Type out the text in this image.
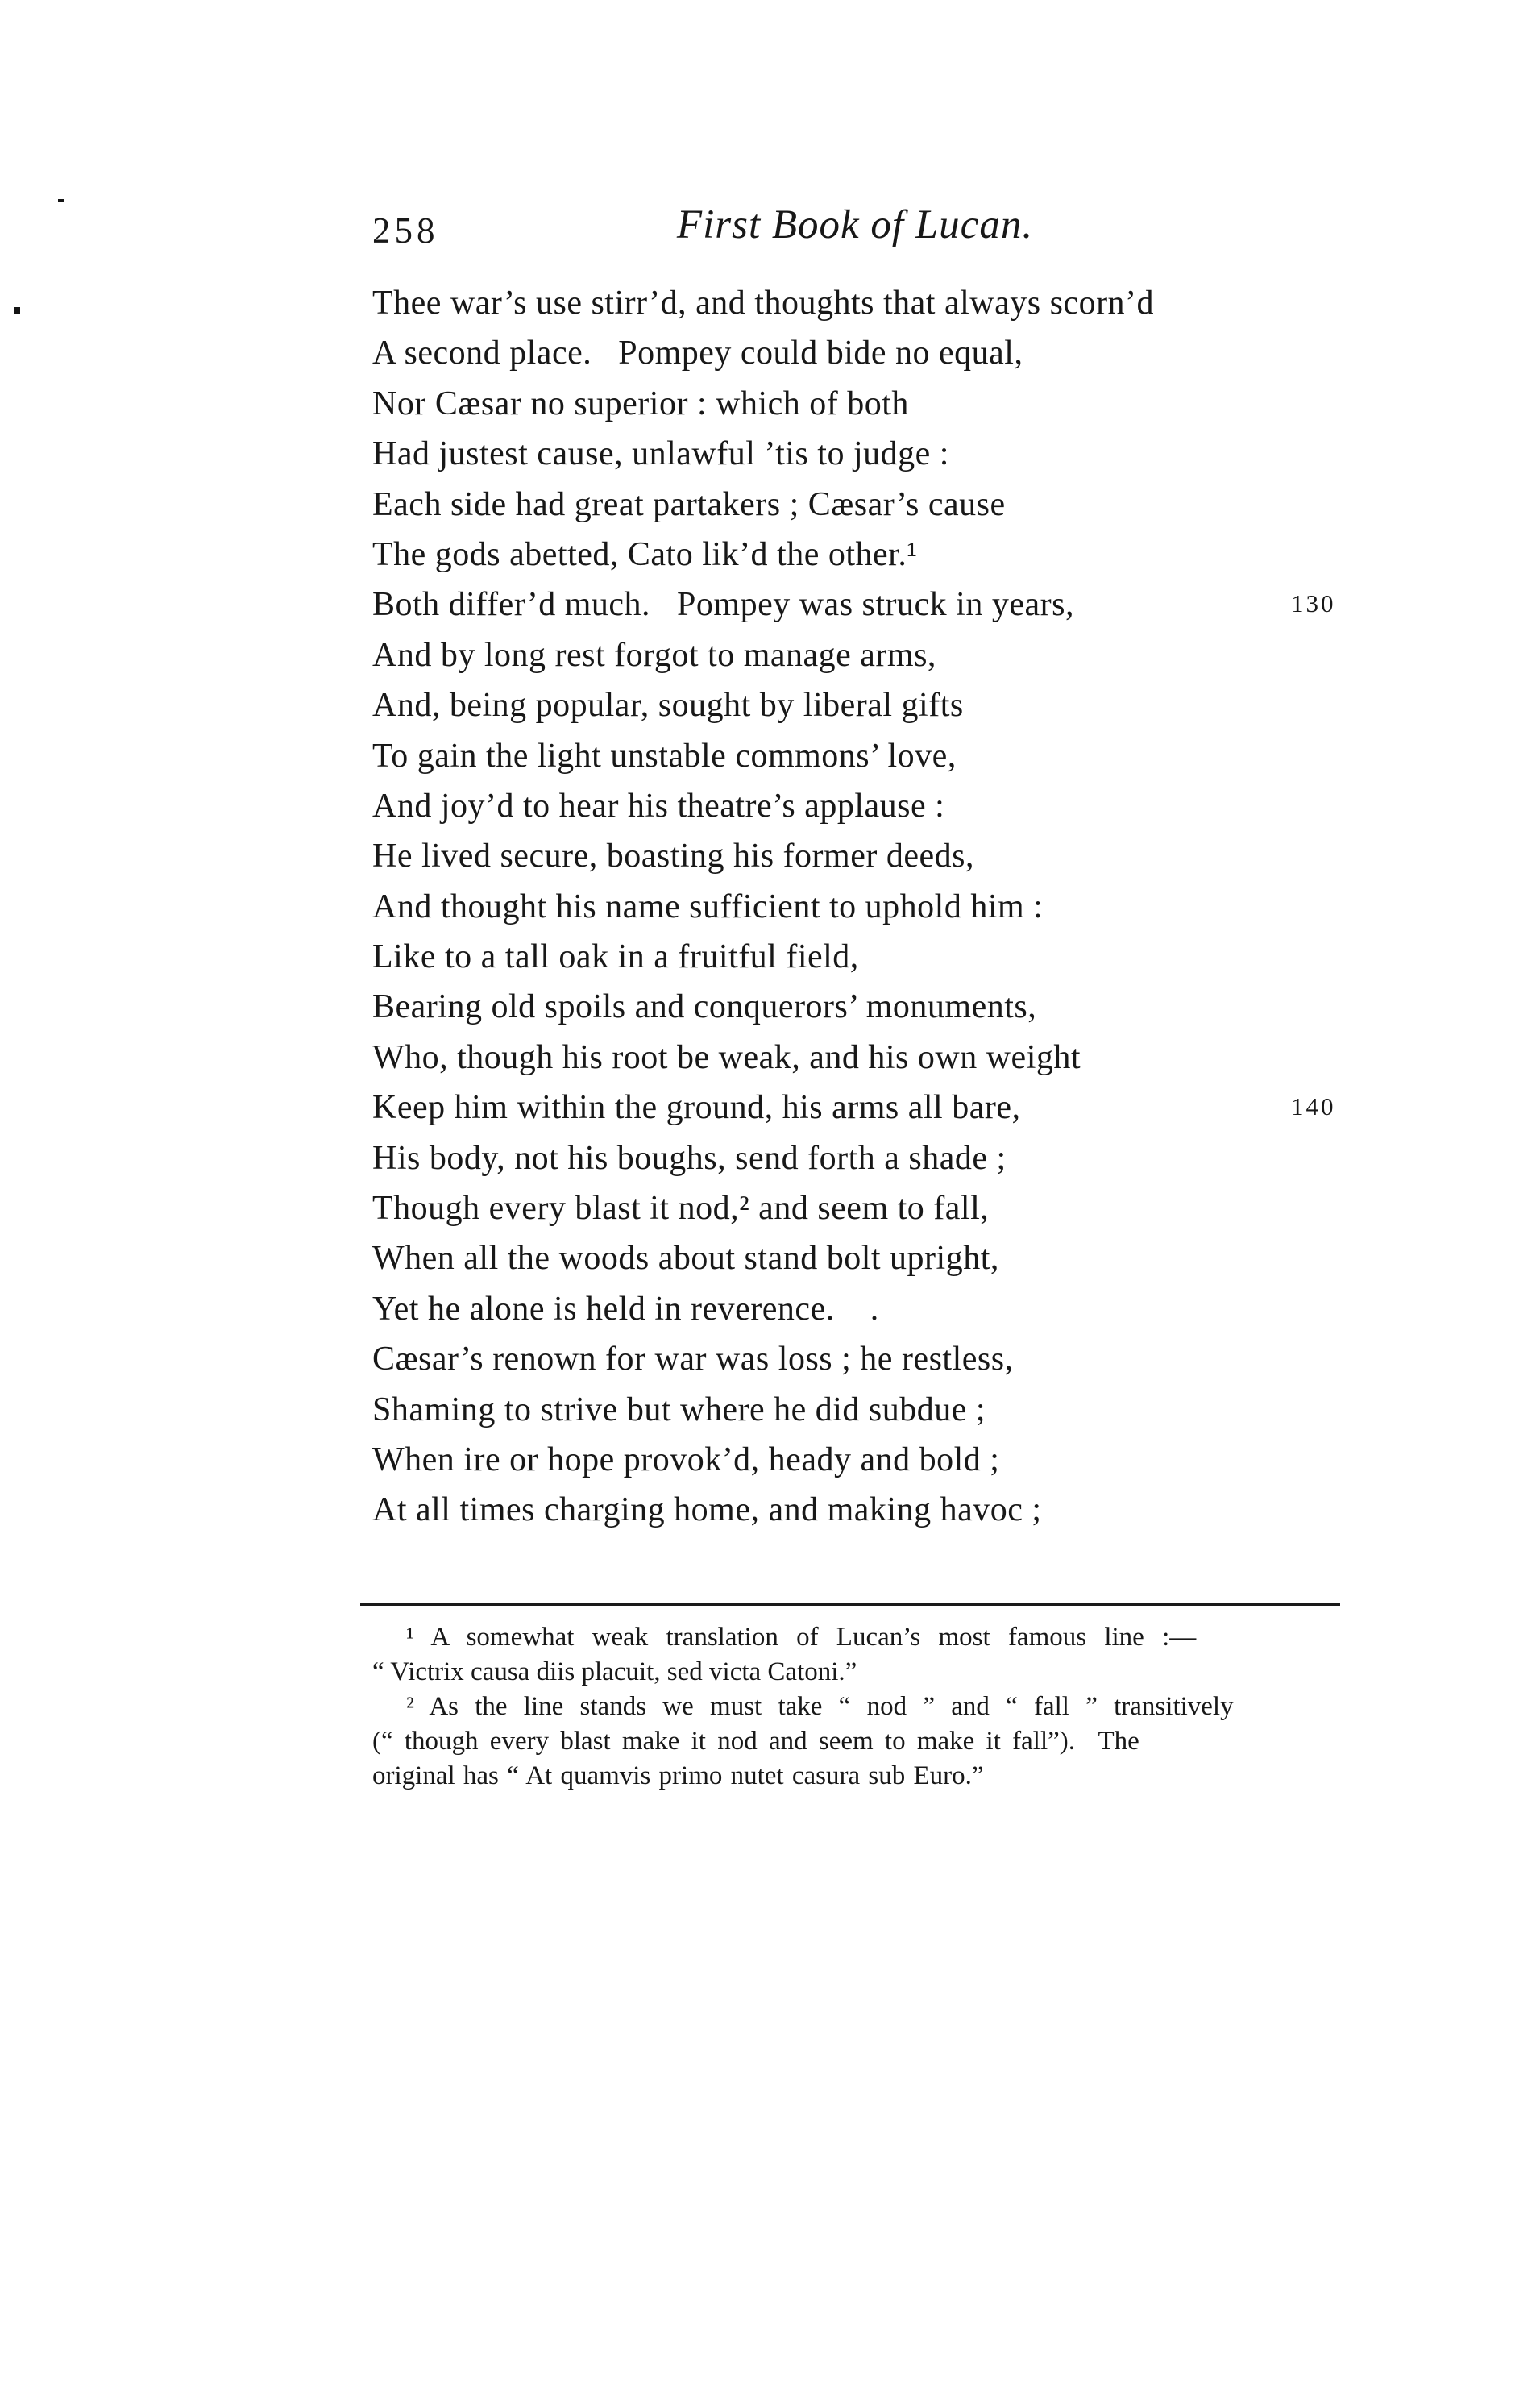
258	First Book of Lucan.
Thee war’s use stirr’d, and thoughts that always scorn’d
A second place.   Pompey could bide no equal,
Nor Cæsar no superior : which of both
Had justest cause, unlawful ’tis to judge :
Each side had great partakers ; Cæsar’s cause
The gods abetted, Cato lik’d the other.¹
Both differ’d much.   Pompey was struck in years,	130
And by long rest forgot to manage arms,
And, being popular, sought by liberal gifts
To gain the light unstable commons’ love,
And joy’d to hear his theatre’s applause :
He lived secure, boasting his former deeds,
And thought his name sufficient to uphold him :
Like to a tall oak in a fruitful field,
Bearing old spoils and conquerors’ monuments,
Who, though his root be weak, and his own weight
Keep him within the ground, his arms all bare,	140
His body, not his boughs, send forth a shade ;
Though every blast it nod,² and seem to fall,
When all the woods about stand bolt upright,
Yet he alone is held in reverence.    .
Cæsar’s renown for war was loss ; he restless,
Shaming to strive but where he did subdue ;
When ire or hope provok’d, heady and bold ;
At all times charging home, and making havoc ;
¹ A somewhat weak translation of Lucan’s most famous line :—
“ Victrix causa diis placuit, sed victa Catoni.”
² As the line stands we must take “ nod ” and “ fall ” transitively
(“ though every blast make it nod and seem to make it fall”).  The
original has “ At quamvis primo nutet casura sub Euro.”
